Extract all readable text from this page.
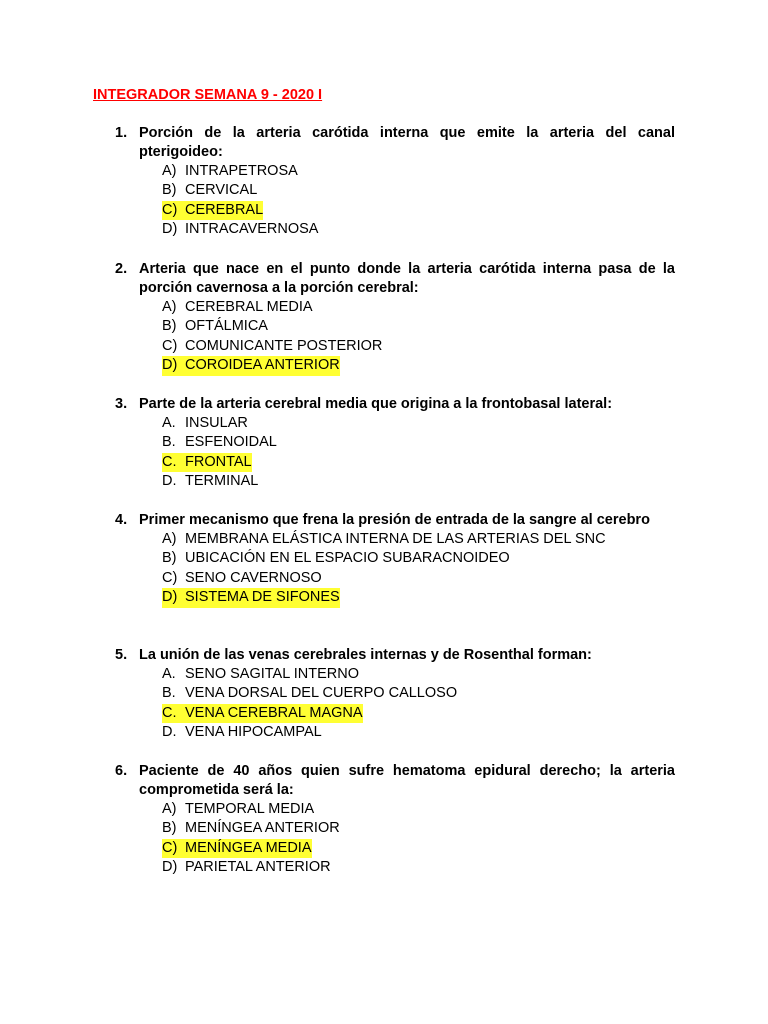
INTEGRADOR SEMANA 9 - 2020 I
1. Porción de la arteria carótida interna que emite la arteria del canal pterigoideo:
A) INTRAPETROSA
B) CERVICAL
C) CEREBRAL
D) INTRACAVERNOSA
2. Arteria que nace en el punto donde la arteria carótida interna pasa de la porción cavernosa a la porción cerebral:
A) CEREBRAL MEDIA
B) OFTÁLMICA
C) COMUNICANTE POSTERIOR
D) COROIDEA ANTERIOR
3. Parte de la arteria cerebral media que origina a la frontobasal lateral:
A. INSULAR
B. ESFENOIDAL
C. FRONTAL
D. TERMINAL
4. Primer mecanismo que frena la presión de entrada de la sangre al cerebro
A) MEMBRANA ELÁSTICA INTERNA DE LAS ARTERIAS DEL SNC
B) UBICACIÓN EN EL ESPACIO SUBARACNOIDEO
C) SENO CAVERNOSO
D) SISTEMA DE SIFONES
5. La unión de las venas cerebrales internas y de Rosenthal forman:
A. SENO SAGITAL INTERNO
B. VENA DORSAL DEL CUERPO CALLOSO
C. VENA CEREBRAL MAGNA
D. VENA HIPOCAMPAL
6. Paciente de 40 años quien sufre hematoma epidural derecho; la arteria comprometida será la:
A) TEMPORAL MEDIA
B) MENÍNGEA ANTERIOR
C) MENÍNGEA MEDIA
D) PARIETAL ANTERIOR
